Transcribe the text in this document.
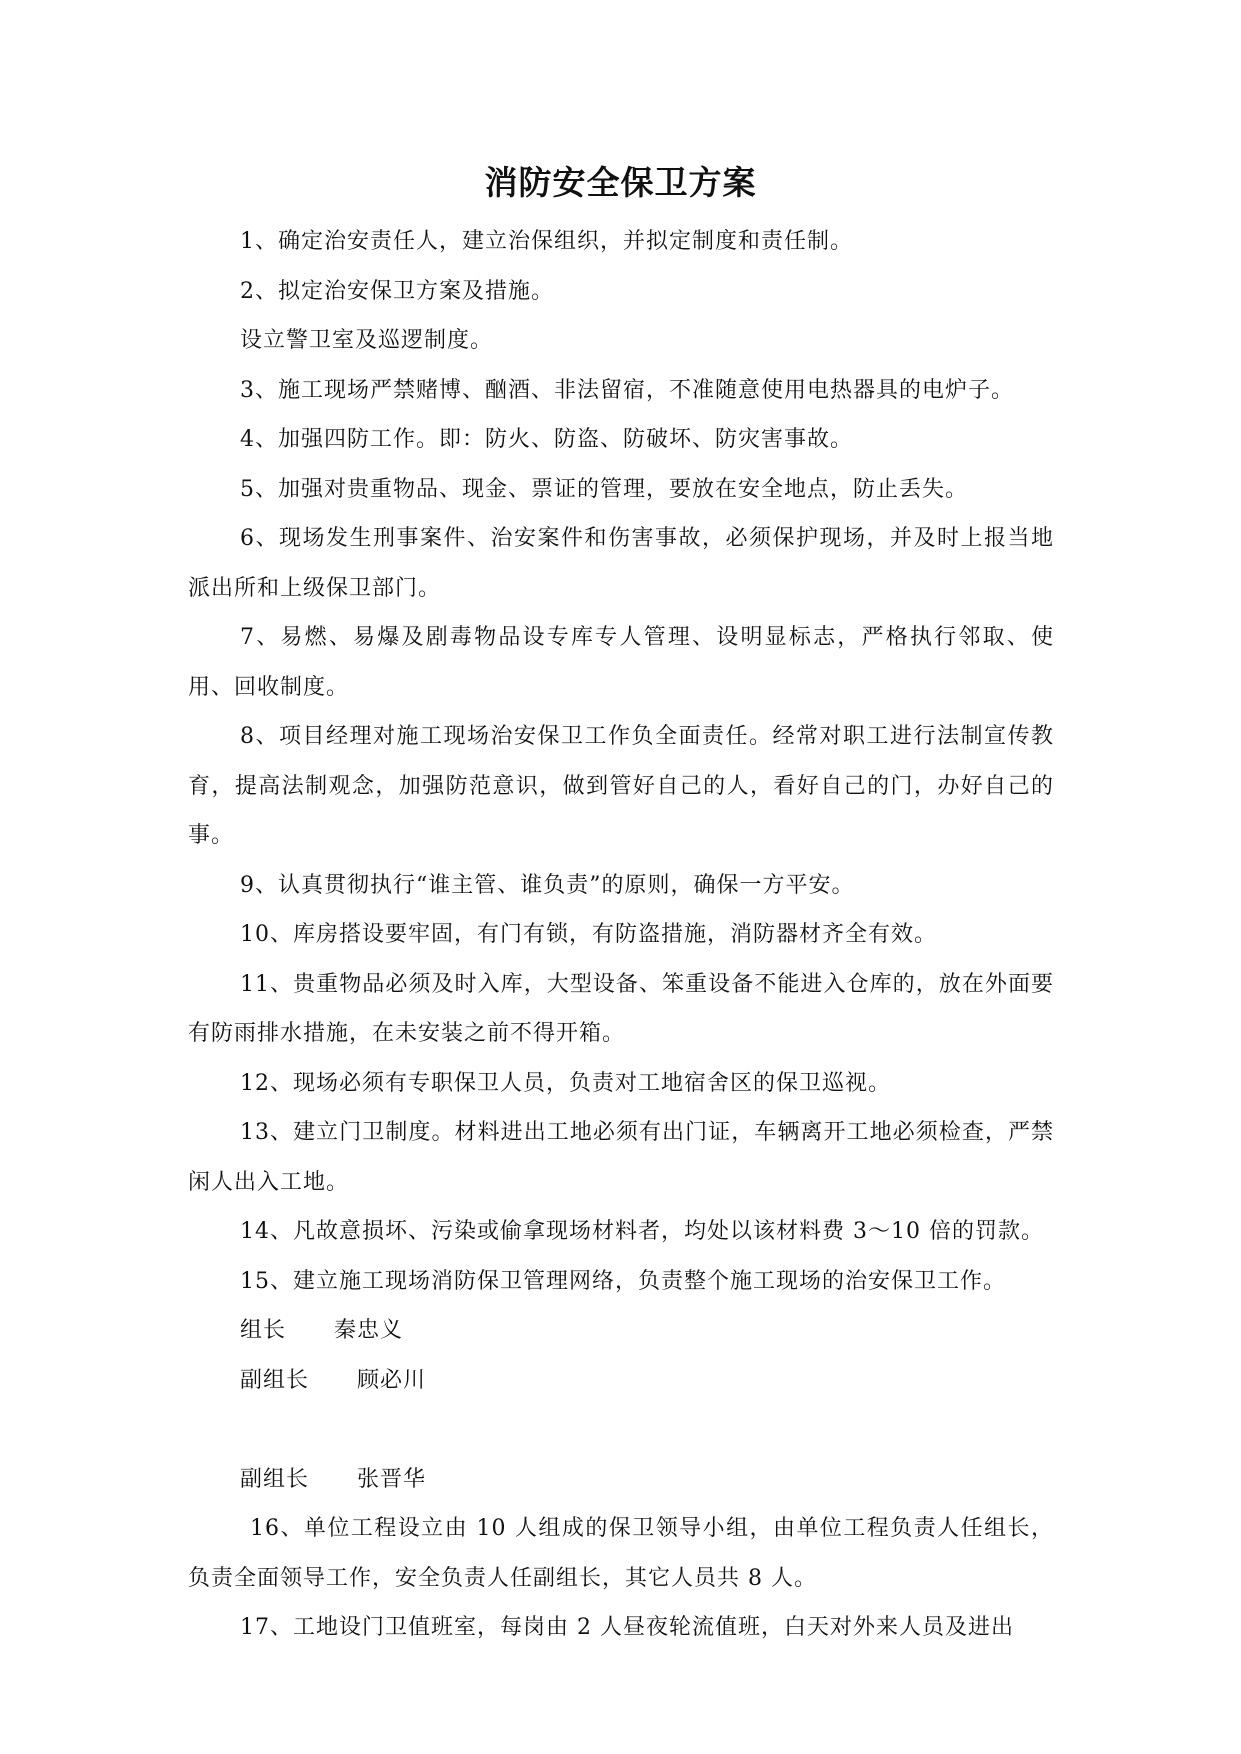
消防安全保卫方案

1、确定治安责任人，建立治保组织，并拟定制度和责任制。

2、拟定治安保卫方案及措施。

设立警卫室及巡逻制度。

3、施工现场严禁赌博、酗酒、非法留宿，不准随意使用电热器具的电炉子。

4、加强四防工作。即：防火、防盗、防破坏、防灾害事故。

5、加强对贵重物品、现金、票证的管理，要放在安全地点，防止丢失。

6、现场发生刑事案件、治安案件和伤害事故，必须保护现场，并及时上报当地派出所和上级保卫部门。

7、易燃、易爆及剧毒物品设专库专人管理、设明显标志，严格执行邻取、使用、回收制度。

8、项目经理对施工现场治安保卫工作负全面责任。经常对职工进行法制宣传教育，提高法制观念，加强防范意识，做到管好自己的人，看好自己的门，办好自己的事。

9、认真贯彻执行“谁主管、谁负责”的原则，确保一方平安。

10、库房搭设要牢固，有门有锁，有防盗措施，消防器材齐全有效。

11、贵重物品必须及时入库，大型设备、笨重设备不能进入仓库的，放在外面要有防雨排水措施，在未安装之前不得开箱。

12、现场必须有专职保卫人员，负责对工地宿舍区的保卫巡视。

13、建立门卫制度。材料进出工地必须有出门证，车辆离开工地必须检查，严禁闲人出入工地。

14、凡故意损坏、污染或偷拿现场材料者，均处以该材料费 3～10 倍的罚款。

15、建立施工现场消防保卫管理网络，负责整个施工现场的治安保卫工作。

组长      秦忠义

副组长      顾必川

副组长      张晋华

16、单位工程设立由 10 人组成的保卫领导小组，由单位工程负责人任组长，负责全面领导工作，安全负责人任副组长，其它人员共 8 人。

17、工地设门卫值班室，每岗由 2 人昼夜轮流值班，白天对外来人员及进出
